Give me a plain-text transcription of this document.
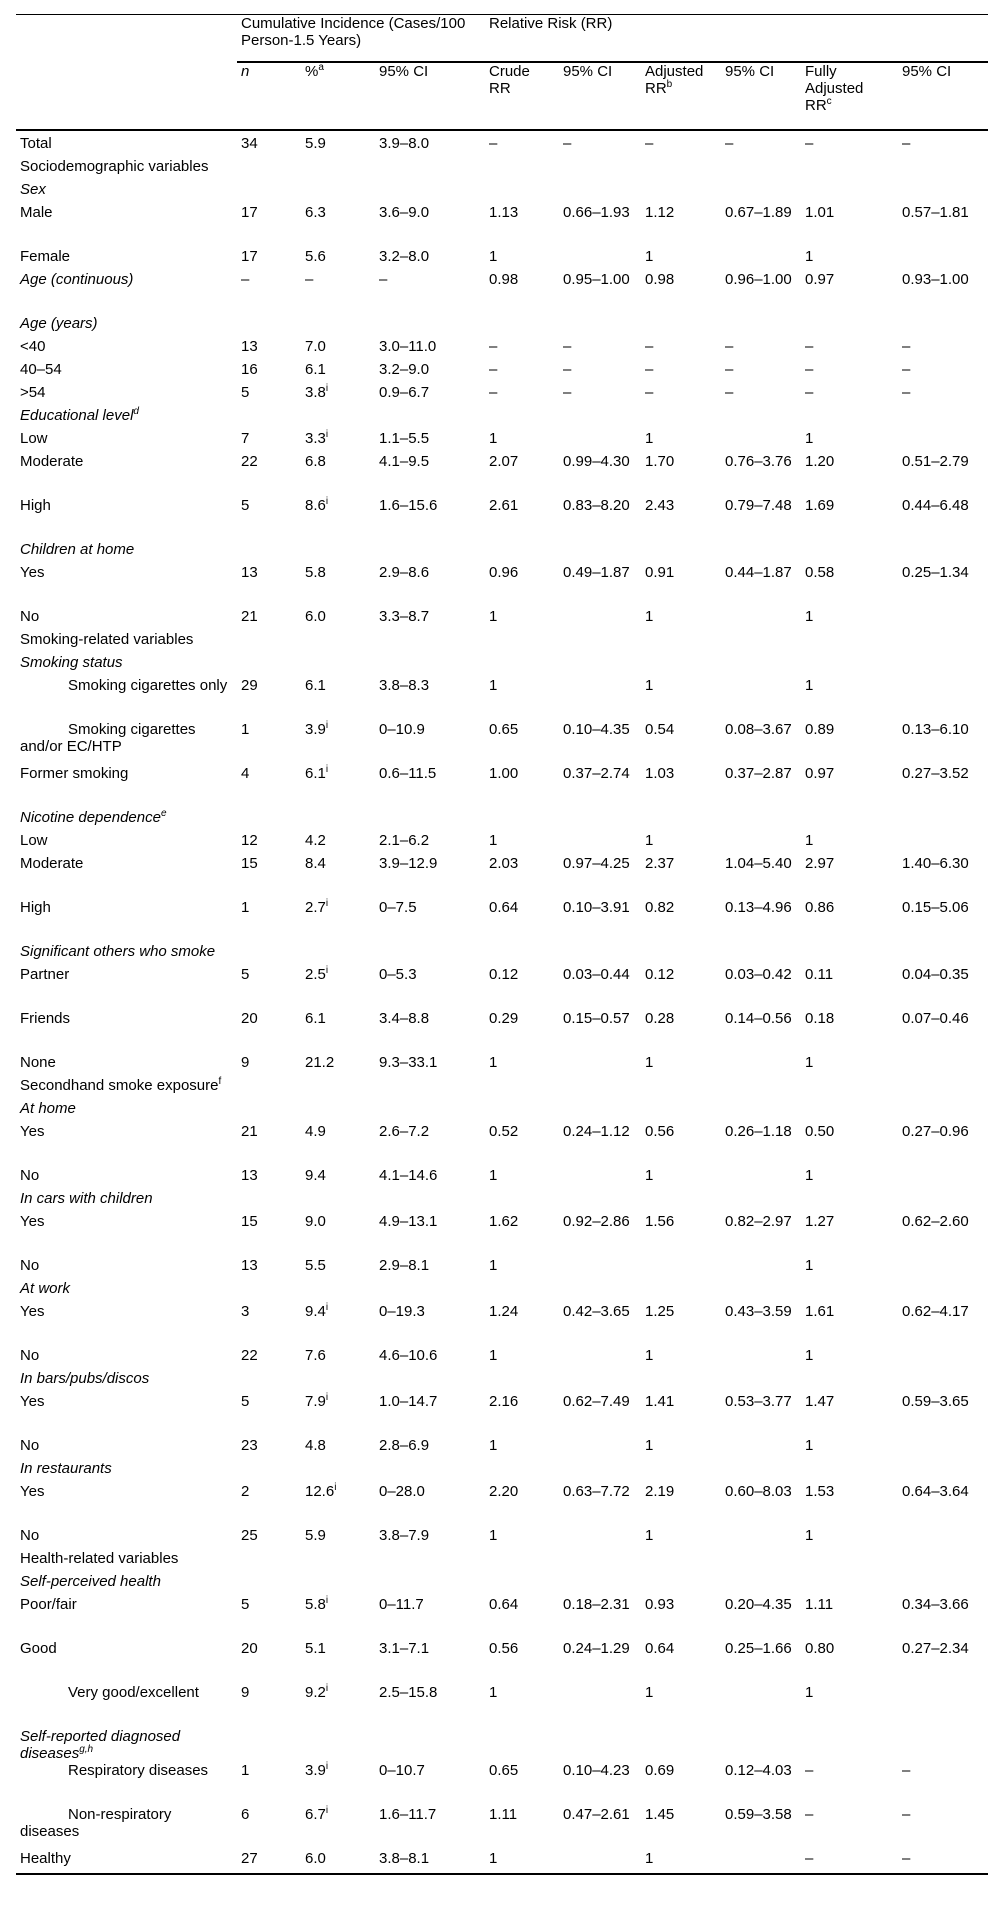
	Cumulative Incidence (Cases/100 Person-1.5 Years)			Relative Risk (RR)					
	n	%$^a$	95% CI	Crude RR	95% CI	Adjusted $RR^b$	95% CI	Fully Adjusted $RR^c$	95% CI
Total	34	5.9	3.9–8.0	–	–	–	–	–	–
Sociodemographic variables									
Sex									
Male	17	6.3	3.6–9.0	1.13	0.66–1.93	1.12	0.67–1.89	1.01	0.57–1.81
Female	17	5.6	3.2–8.0	1		1		1	
Age (continuous)	–	–	–	0.98	0.95–1.00	0.98	0.96–1.00	0.97	0.93–1.00
Age (years)									
<40	13	7.0	3.0–11.0	–	–	–	–	–	–
40–54	16	6.1	3.2–9.0	–	–	–	–	–	–
>54	5	3.8$^i$	0.9–6.7	–	–	–	–	–	–
Educational level$^d$									
Low	7	3.3$^i$	1.1–5.5	1		1		1	
Moderate	22	6.8	4.1–9.5	2.07	0.99–4.30	1.70	0.76–3.76	1.20	0.51–2.79
High	5	8.6$^i$	1.6–15.6	2.61	0.83–8.20	2.43	0.79–7.48	1.69	0.44–6.48
Children at home									
Yes	13	5.8	2.9–8.6	0.96	0.49–1.87	0.91	0.44–1.87	0.58	0.25–1.34
No	21	6.0	3.3–8.7	1		1		1	
Smoking-related variables									
Smoking status									
Smoking cigarettes only	29	6.1	3.8–8.3	1		1		1	
Smoking cigarettes and/or EC/HTP	1	3.9$^i$	0–10.9	0.65	0.10–4.35	0.54	0.08–3.67	0.89	0.13–6.10
Former smoking	4	6.1$^i$	0.6–11.5	1.00	0.37–2.74	1.03	0.37–2.87	0.97	0.27–3.52
Nicotine dependence$^e$									
Low	12	4.2	2.1–6.2	1		1		1	
Moderate	15	8.4	3.9–12.9	2.03	0.97–4.25	2.37	1.04–5.40	2.97	1.40–6.30
High	1	2.7$^i$	0–7.5	0.64	0.10–3.91	0.82	0.13–4.96	0.86	0.15–5.06
Significant others who smoke									
Partner	5	2.5$^i$	0–5.3	0.12	0.03–0.44	0.12	0.03–0.42	0.11	0.04–0.35
Friends	20	6.1	3.4–8.8	0.29	0.15–0.57	0.28	0.14–0.56	0.18	0.07–0.46
None	9	21.2	9.3–33.1	1		1		1	
Secondhand smoke exposure$^f$									
At home									
Yes	21	4.9	2.6–7.2	0.52	0.24–1.12	0.56	0.26–1.18	0.50	0.27–0.96
No	13	9.4	4.1–14.6	1		1		1	
In cars with children									
Yes	15	9.0	4.9–13.1	1.62	0.92–2.86	1.56	0.82–2.97	1.27	0.62–2.60
No	13	5.5	2.9–8.1	1				1	
At work									
Yes	3	9.4$^i$	0–19.3	1.24	0.42–3.65	1.25	0.43–3.59	1.61	0.62–4.17
No	22	7.6	4.6–10.6	1		1		1	
In bars/pubs/discos									
Yes	5	7.9$^i$	1.0–14.7	2.16	0.62–7.49	1.41	0.53–3.77	1.47	0.59–3.65
No	23	4.8	2.8–6.9	1		1		1	
In restaurants									
Yes	2	12.6$^i$	0–28.0	2.20	0.63–7.72	2.19	0.60–8.03	1.53	0.64–3.64
No	25	5.9	3.8–7.9	1		1		1	
Health-related variables									
Self-perceived health									
Poor/fair	5	5.8$^i$	0–11.7	0.64	0.18–2.31	0.93	0.20–4.35	1.11	0.34–3.66
Good	20	5.1	3.1–7.1	0.56	0.24–1.29	0.64	0.25–1.66	0.80	0.27–2.34
Very good/excellent	9	9.2$^i$	2.5–15.8	1		1		1	
Self-reported diagnosed diseases$^{g,h}$									
Respiratory diseases	1	3.9$^i$	0–10.7	0.65	0.10–4.23	0.69	0.12–4.03	–	–
Non-respiratory diseases	6	6.7$^i$	1.6–11.7	1.11	0.47–2.61	1.45	0.59–3.58	–	–
Healthy	27	6.0	3.8–8.1	1		1		–	–
